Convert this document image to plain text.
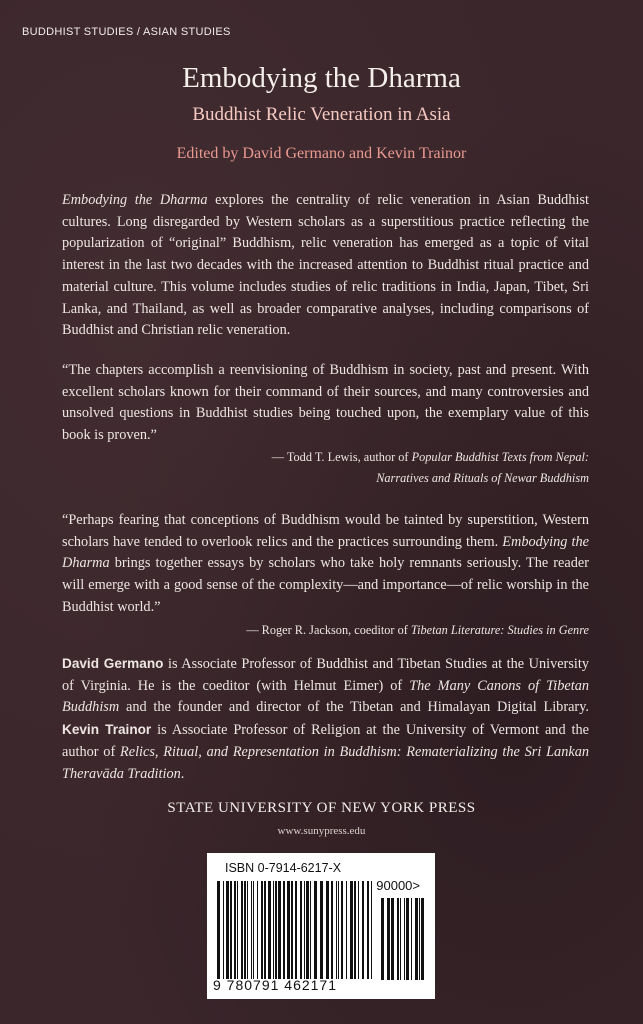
BUDDHIST STUDIES / ASIAN STUDIES
Embodying the Dharma
Buddhist Relic Veneration in Asia
Edited by David Germano and Kevin Trainor
Embodying the Dharma explores the centrality of relic veneration in Asian Buddhist cultures. Long disregarded by Western scholars as a superstitious practice reflecting the popularization of “original” Buddhism, relic veneration has emerged as a topic of vital interest in the last two decades with the increased attention to Buddhist ritual practice and material culture. This volume includes studies of relic traditions in India, Japan, Tibet, Sri Lanka, and Thailand, as well as broader comparative analyses, including comparisons of Buddhist and Christian relic veneration.
“The chapters accomplish a reenvisioning of Buddhism in society, past and present. With excellent scholars known for their command of their sources, and many controversies and unsolved questions in Buddhist studies being touched upon, the exemplary value of this book is proven.”
— Todd T. Lewis, author of Popular Buddhist Texts from Nepal:
Narratives and Rituals of Newar Buddhism
“Perhaps fearing that conceptions of Buddhism would be tainted by superstition, Western scholars have tended to overlook relics and the practices surrounding them. Embodying the Dharma brings together essays by scholars who take holy remnants seriously. The reader will emerge with a good sense of the complexity—and importance—of relic worship in the Buddhist world.”
— Roger R. Jackson, coeditor of Tibetan Literature: Studies in Genre
David Germano is Associate Professor of Buddhist and Tibetan Studies at the University of Virginia. He is the coeditor (with Helmut Eimer) of The Many Canons of Tibetan Buddhism and the founder and director of the Tibetan and Himalayan Digital Library. Kevin Trainor is Associate Professor of Religion at the University of Vermont and the author of Relics, Ritual, and Representation in Buddhism: Rematerializing the Sri Lankan Theravāda Tradition.
STATE UNIVERSITY OF NEW YORK PRESS
www.sunypress.edu
ISBN 0-7914-6217-X
90000>
9 780791 462171
